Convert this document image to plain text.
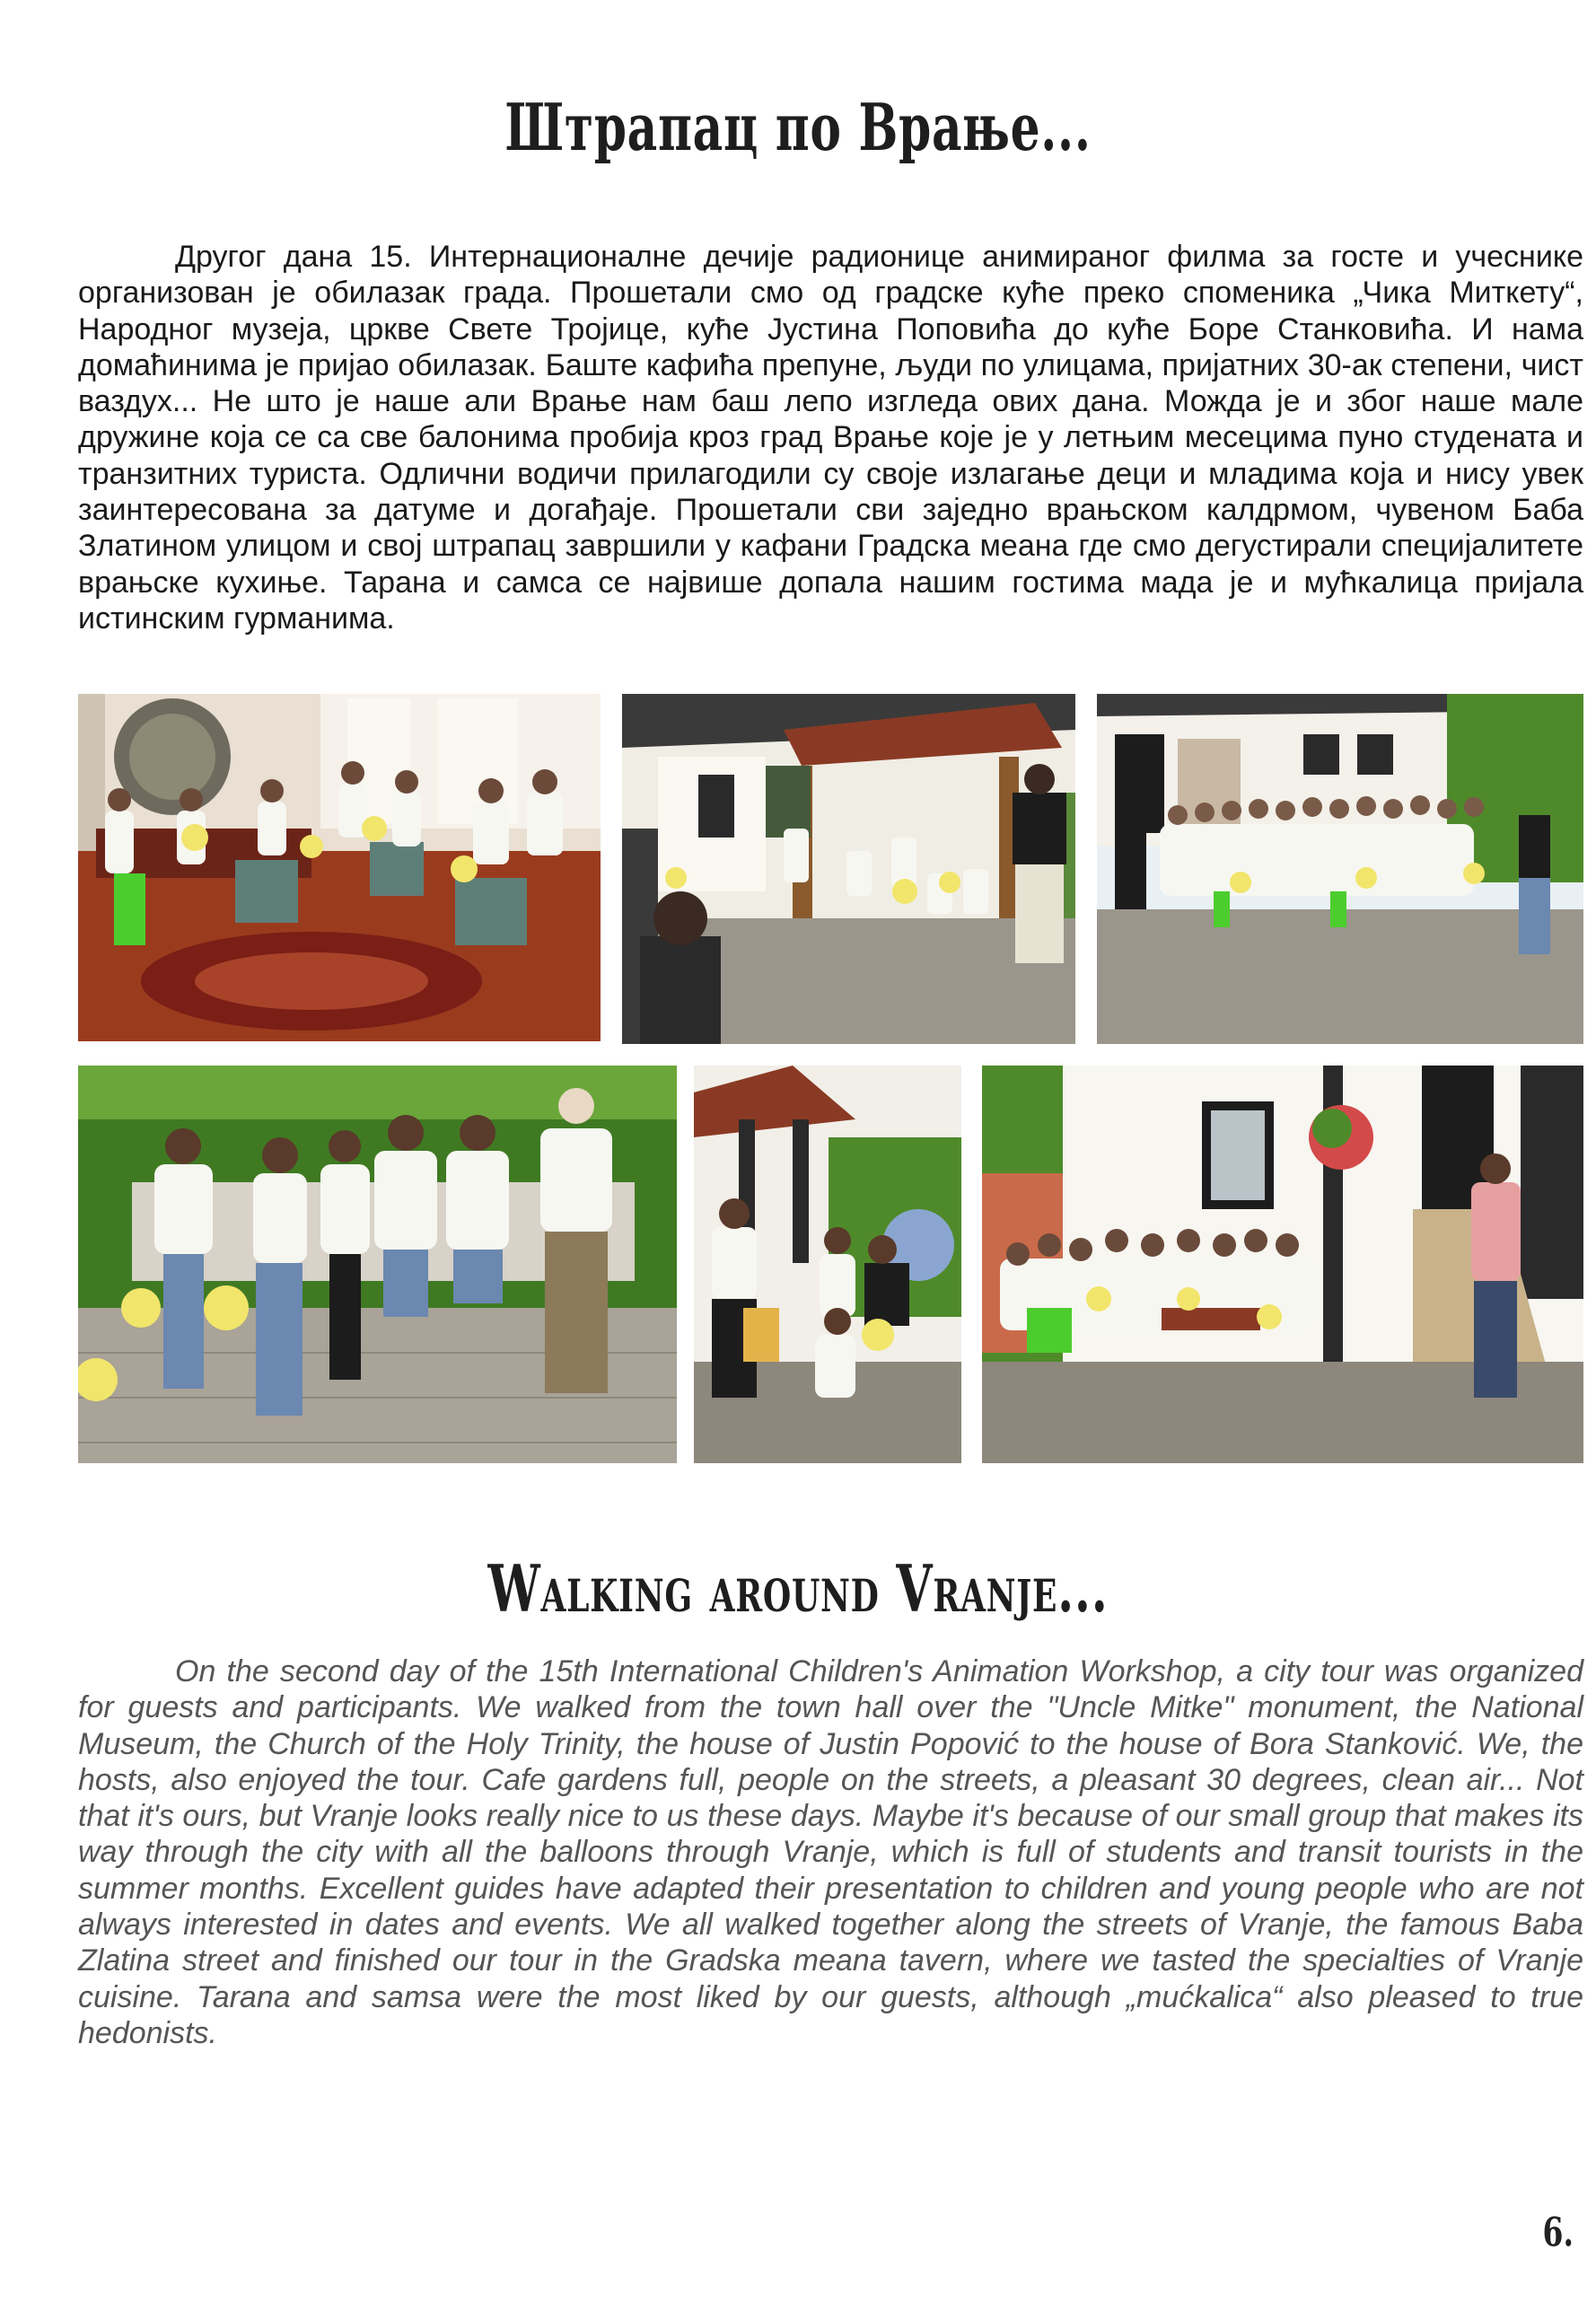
Штрапац по Врање...

Другог дана 15. Интернационалне дечије радионице анимираног филма за госте и учеснике организован је обилазак града. Прошетали смо од градске куће преко споменика „Чика Миткету“, Народног музеја, цркве Свете Тројице, куће Јустина Поповића до куће Боре Станковића. И нама домаћинима је пријао обилазак. Баште кафића препуне, људи по улицама, пријатних 30-ак степени, чист ваздух... Не што је наше али Врање нам баш лепо изгледа ових дана. Можда је и због наше мале дружине која се са све балонима пробија кроз град Врање које је у летњим месецима пуно студената и транзитних туриста. Одлични водичи прилагодили су своје излагање деци и младима која и нису увек заинтересована за датуме и догађаје. Прошетали сви заједно врањском калдрмом, чувеном Баба Златином улицом и свој штрапац завршили у кафани Градска меана где смо дегустирали специјалитете врањске кухиње. Тарана и самса се највише допала нашим гостима мада је и мућкалица пријала истинским гурманима.

Walking around Vranje...

On the second day of the 15th International Children's Animation Workshop, a city tour was organized for guests and participants. We walked from the town hall over the "Uncle Mitke" monument, the National Museum, the Church of the Holy Trinity, the house of Justin Popović to the house of Bora Stanković. We, the hosts, also enjoyed the tour. Cafe gardens full, people on the streets, a pleasant 30 degrees, clean air... Not that it's ours, but Vranje looks really nice to us these days. Maybe it's because of our small group that makes its way through the city with all the balloons through Vranje, which is full of students and transit tourists in the summer months. Excellent guides have adapted their presentation to children and young people who are not always interested in dates and events. We all walked together along the streets of Vranje, the famous Baba Zlatina street and finished our tour in the Gradska meana tavern, where we tasted the specialties of Vranje cuisine. Tarana and samsa were the most liked by our guests, although „mućkalica“ also pleased to true hedonists.

6.
